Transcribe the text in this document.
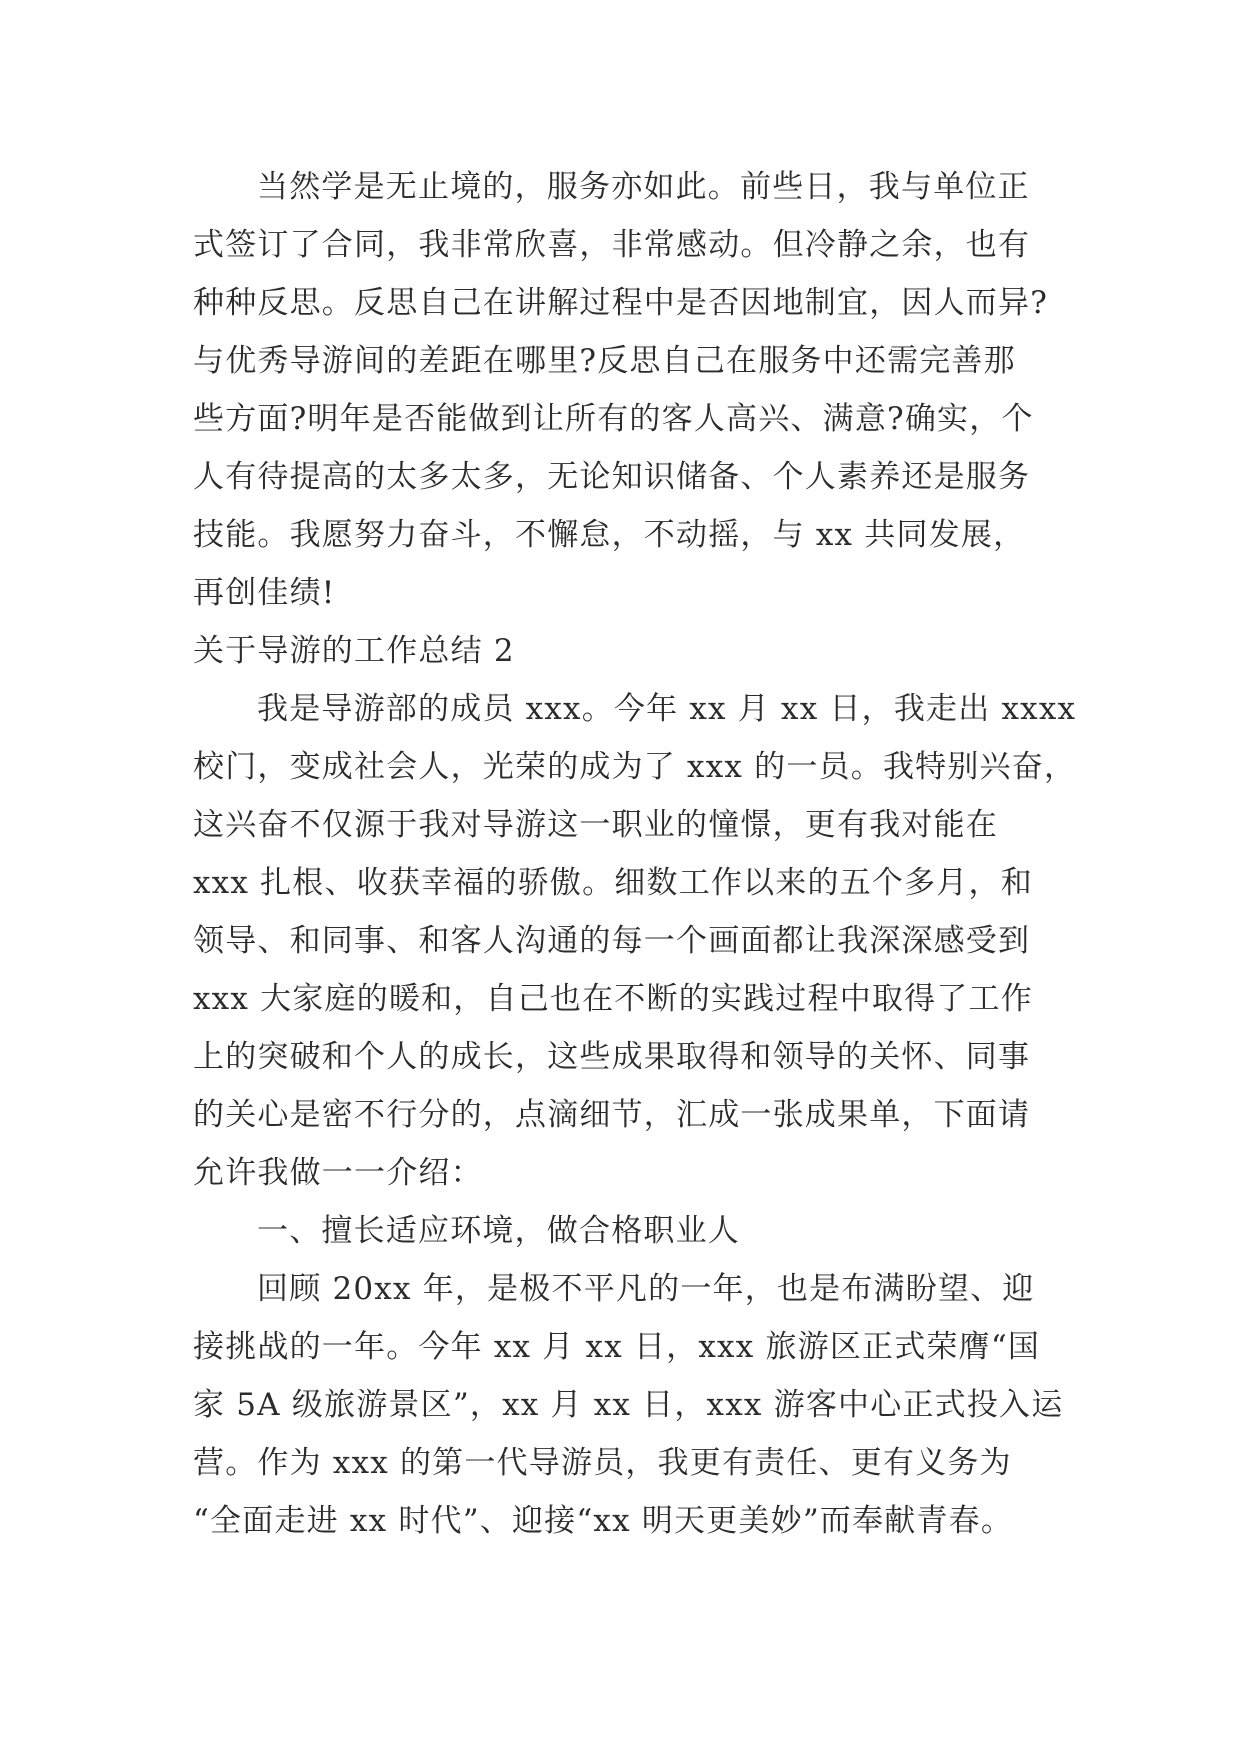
当然学是无止境的，服务亦如此。前些日，我与单位正
式签订了合同，我非常欣喜，非常感动。但冷静之余，也有
种种反思。反思自己在讲解过程中是否因地制宜，因人而异?
与优秀导游间的差距在哪里?反思自己在服务中还需完善那
些方面?明年是否能做到让所有的客人高兴、满意?确实，个
人有待提高的太多太多，无论知识储备、个人素养还是服务
技能。我愿努力奋斗，不懈怠，不动摇，与 xx 共同发展，
再创佳绩!
关于导游的工作总结 2
我是导游部的成员 xxx。今年 xx 月 xx 日，我走出 xxxx
校门，变成社会人，光荣的成为了 xxx 的一员。我特别兴奋，
这兴奋不仅源于我对导游这一职业的憧憬，更有我对能在
xxx 扎根、收获幸福的骄傲。细数工作以来的五个多月，和
领导、和同事、和客人沟通的每一个画面都让我深深感受到
xxx 大家庭的暖和，自己也在不断的实践过程中取得了工作
上的突破和个人的成长，这些成果取得和领导的关怀、同事
的关心是密不行分的，点滴细节，汇成一张成果单，下面请
允许我做一一介绍：
一、擅长适应环境，做合格职业人
回顾 20xx 年，是极不平凡的一年，也是布满盼望、迎
接挑战的一年。今年 xx 月 xx 日，xxx 旅游区正式荣膺“国
家 5A 级旅游景区”，xx 月 xx 日，xxx 游客中心正式投入运
营。作为 xxx 的第一代导游员，我更有责任、更有义务为
“全面走进 xx 时代”、迎接“xx 明天更美妙”而奉献青春。
